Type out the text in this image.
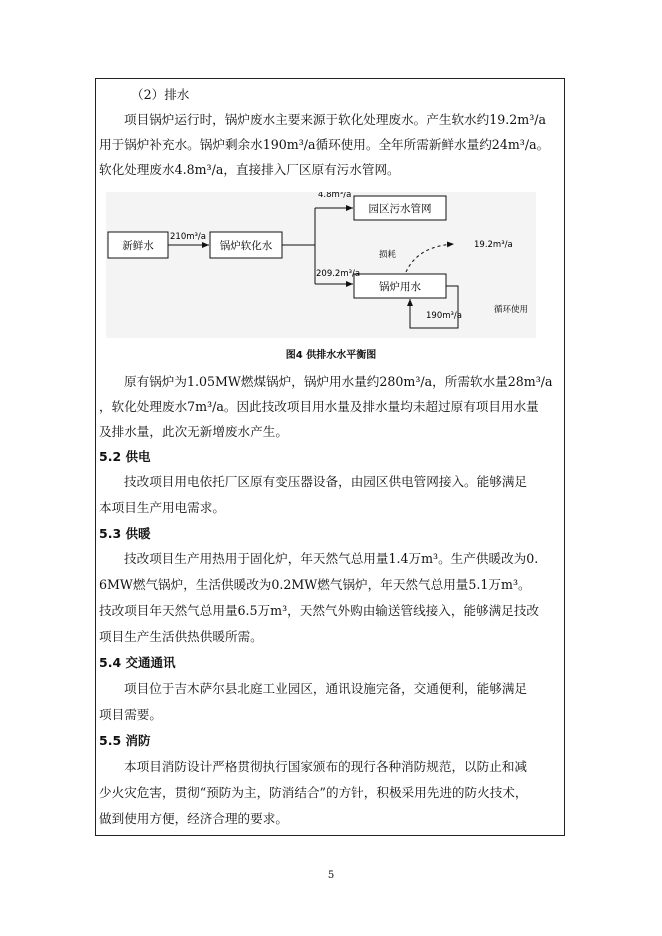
（2）排水
项目锅炉运行时，锅炉废水主要来源于软化处理废水。产生软水约19.2m³/a
用于锅炉补充水。锅炉剩余水190m³/a循环使用。全年所需新鲜水量约24m³/a。
软化处理废水4.8m³/a，直接排入厂区原有污水管网。
新鲜水	锅炉软化水
园区污水管网
锅炉用水
210m³/a
4.8m³/a
209.2m³/a
损耗
19.2m³/a
190m³/a
循环使用
图4 供排水水平衡图
原有锅炉为1.05MW燃煤锅炉，锅炉用水量约280m³/a，所需软水量28m³/a
，软化处理废水7m³/a。因此技改项目用水量及排水量均未超过原有项目用水量
及排水量，此次无新增废水产生。
5.2 供电
技改项目用电依托厂区原有变压器设备，由园区供电管网接入。能够满足
本项目生产用电需求。
5.3 供暖
技改项目生产用热用于固化炉，年天然气总用量1.4万m³。生产供暖改为0.
6MW燃气锅炉，生活供暖改为0.2MW燃气锅炉，年天然气总用量5.1万m³。
技改项目年天然气总用量6.5万m³，天然气外购由输送管线接入，能够满足技改
项目生产生活供热供暖所需。
5.4 交通通讯
项目位于吉木萨尔县北庭工业园区，通讯设施完备，交通便利，能够满足
项目需要。
5.5 消防
本项目消防设计严格贯彻执行国家颁布的现行各种消防规范，以防止和减
少火灾危害，贯彻“预防为主，防消结合”的方针，积极采用先进的防火技术，
做到使用方便，经济合理的要求。
5
